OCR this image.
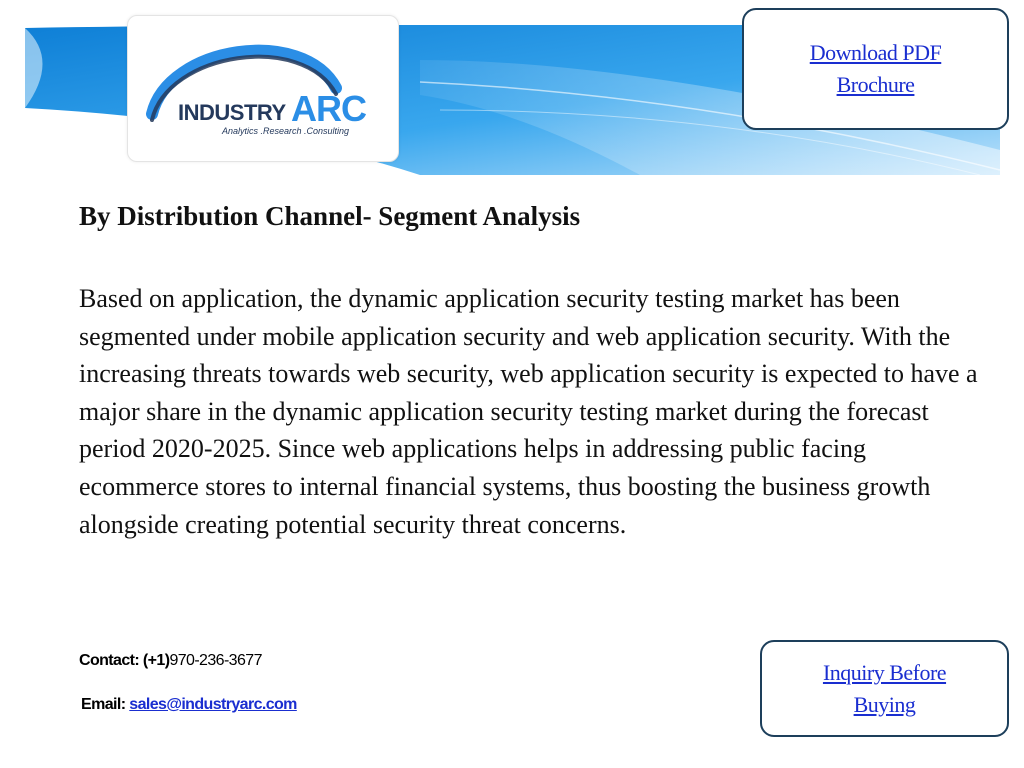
INDUSTRY ARC
Analytics .Research .Consulting
Download PDF
Brochure
By Distribution Channel- Segment Analysis

Based on application, the dynamic application security testing market has been segmented under mobile application security and web application security. With the increasing threats towards web security, web application security is expected to have a major share in the dynamic application security testing market during the forecast period 2020-2025. Since web applications helps in addressing public facing ecommerce stores to internal financial systems, thus boosting the business growth alongside creating potential security threat concerns.

Contact: (+1)970-236-3677

Email: sales@industryarc.com

Inquiry Before
Buying
